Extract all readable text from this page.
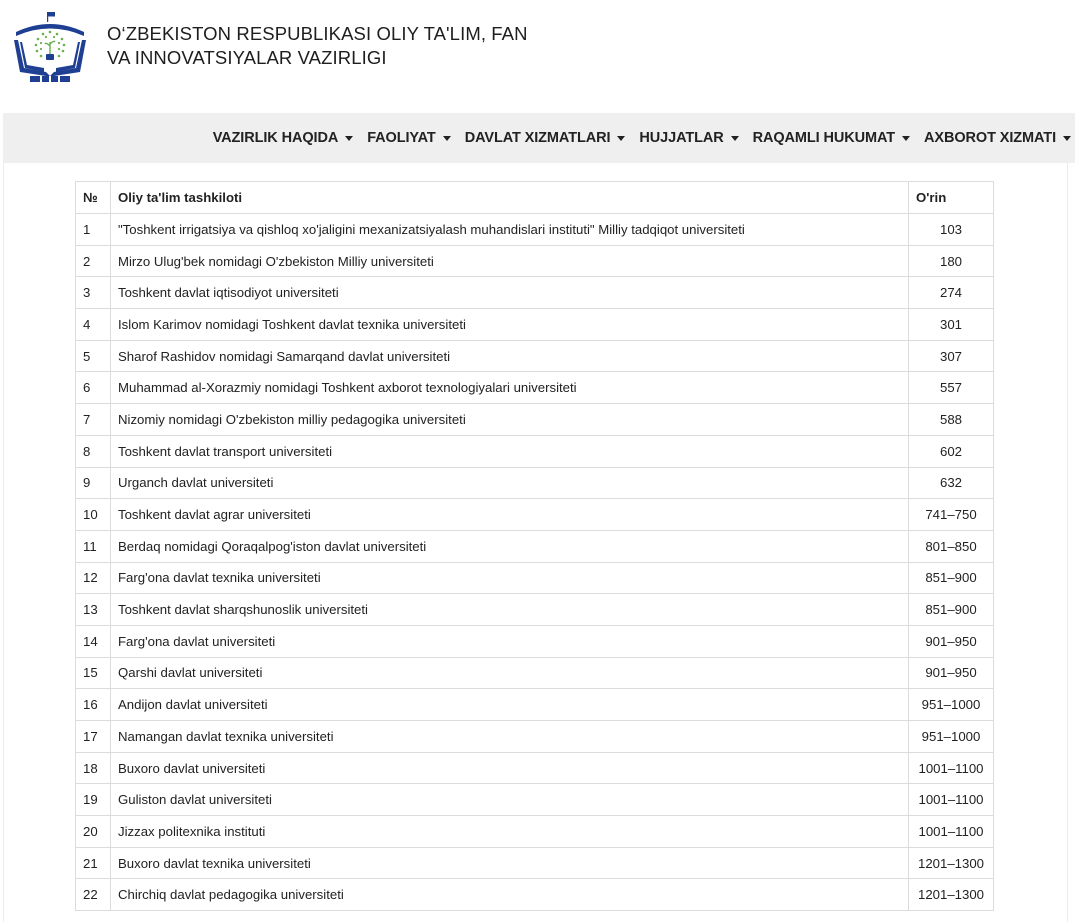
O‘ZBEKISTON RESPUBLIKASI OLIY TA'LIM, FAN
VA INNOVATSIYALAR VAZIRLIGI
VAZIRLIK HAQIDA FAOLIYAT DAVLAT XIZMATLARI HUJJATLAR RAQAMLI HUKUMAT AXBOROT XIZMATI
№	Oliy ta'lim tashkiloti	O'rin
1	"Toshkent irrigatsiya va qishloq xo'jaligini mexanizatsiyalash muhandislari instituti" Milliy tadqiqot universiteti	103
2	Mirzo Ulug'bek nomidagi O'zbekiston Milliy universiteti	180
3	Toshkent davlat iqtisodiyot universiteti	274
4	Islom Karimov nomidagi Toshkent davlat texnika universiteti	301
5	Sharof Rashidov nomidagi Samarqand davlat universiteti	307
6	Muhammad al-Xorazmiy nomidagi Toshkent axborot texnologiyalari universiteti	557
7	Nizomiy nomidagi O'zbekiston milliy pedagogika universiteti	588
8	Toshkent davlat transport universiteti	602
9	Urganch davlat universiteti	632
10	Toshkent davlat agrar universiteti	741–750
11	Berdaq nomidagi Qoraqalpog'iston davlat universiteti	801–850
12	Farg'ona davlat texnika universiteti	851–900
13	Toshkent davlat sharqshunoslik universiteti	851–900
14	Farg'ona davlat universiteti	901–950
15	Qarshi davlat universiteti	901–950
16	Andijon davlat universiteti	951–1000
17	Namangan davlat texnika universiteti	951–1000
18	Buxoro davlat universiteti	1001–1100
19	Guliston davlat universiteti	1001–1100
20	Jizzax politexnika instituti	1001–1100
21	Buxoro davlat texnika universiteti	1201–1300
22	Chirchiq davlat pedagogika universiteti	1201–1300
